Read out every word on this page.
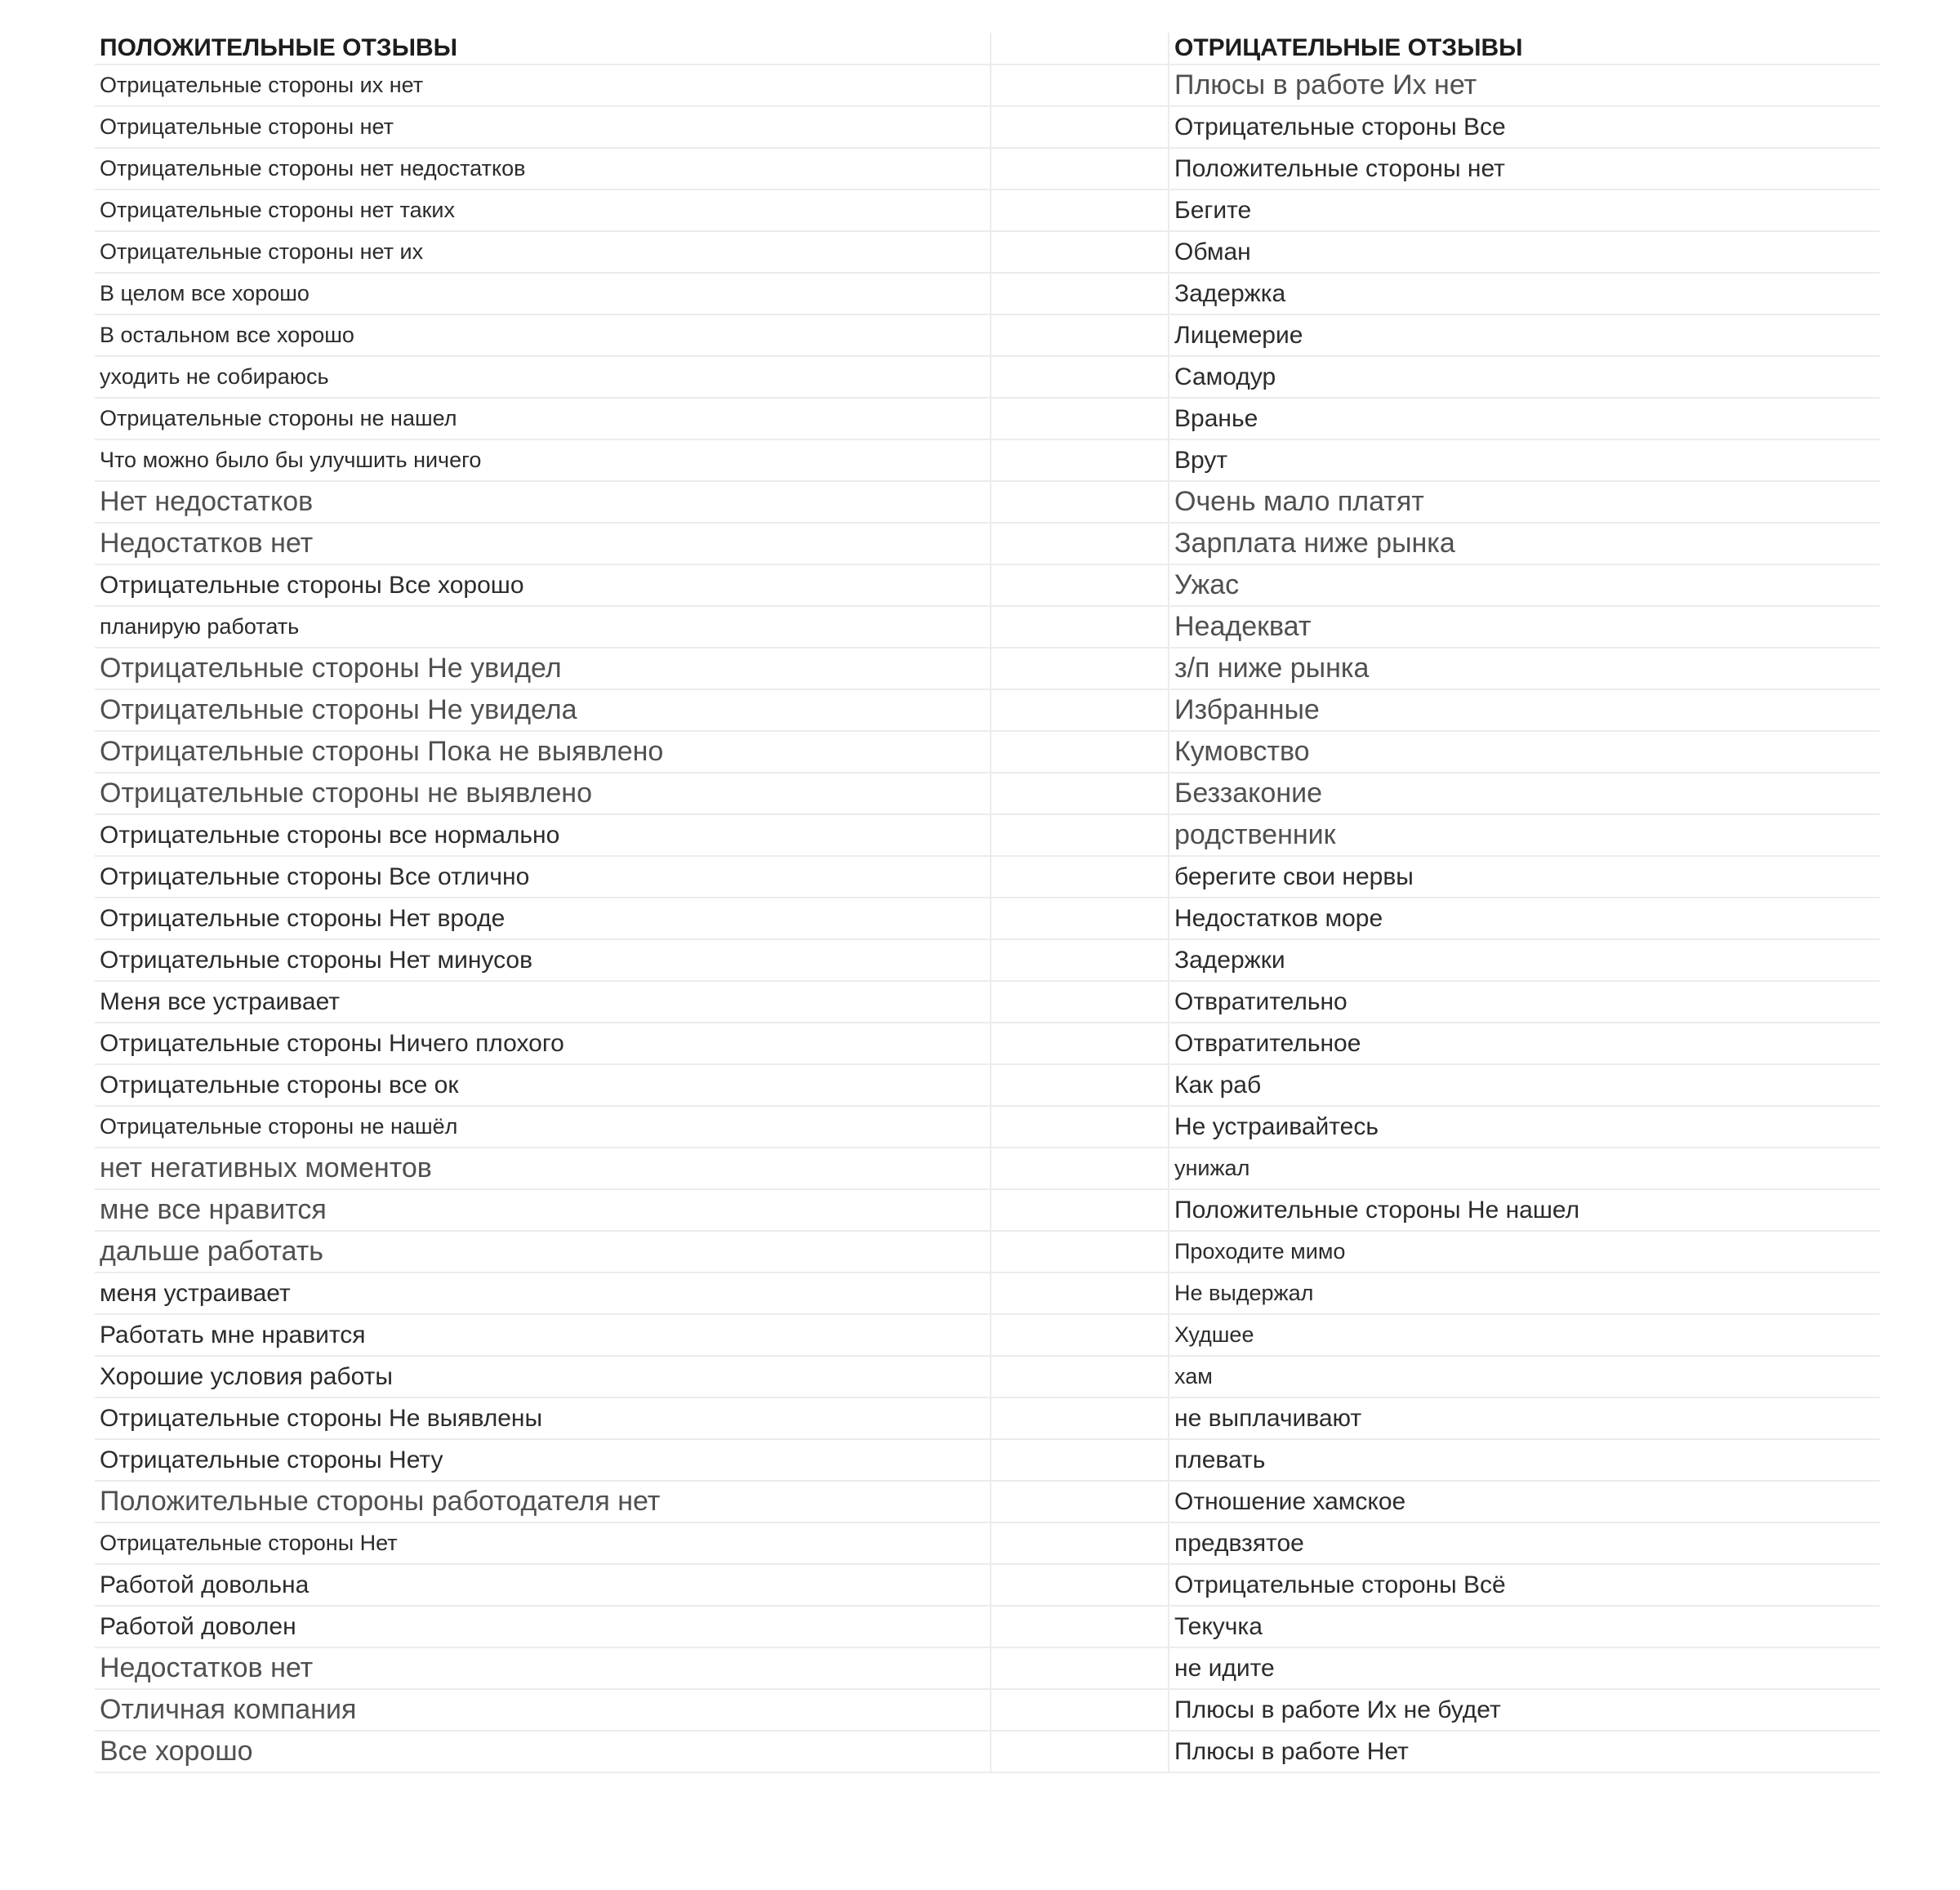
ПОЛОЖИТЕЛЬНЫЕ ОТЗЫВЫ		ОТРИЦАТЕЛЬНЫЕ ОТЗЫВЫ
Отрицательные стороны их нет		Плюсы в работе Их нет
Отрицательные стороны нет		Отрицательные стороны Все
Отрицательные стороны нет недостатков		Положительные стороны нет
Отрицательные стороны нет таких		Бегите
Отрицательные стороны нет их		Обман
В целом все хорошо		Задержка
В остальном все хорошо		Лицемерие
уходить не собираюсь		Самодур
Отрицательные стороны не нашел		Вранье
Что можно было бы улучшить ничего		Врут
Нет недостатков		Очень мало платят
Недостатков нет		Зарплата ниже рынка
Отрицательные стороны Все хорошо		Ужас
планирую работать		Неадекват
Отрицательные стороны Не увидел		з/п ниже рынка
Отрицательные стороны Не увидела		Избранные
Отрицательные стороны Пока не выявлено		Кумовство
Отрицательные стороны не выявлено		Беззаконие
Отрицательные стороны все нормально		родственник
Отрицательные стороны Все отлично		берегите свои нервы
Отрицательные стороны Нет вроде		Недостатков море
Отрицательные стороны Нет минусов		Задержки
Меня все устраивает		Отвратительно
Отрицательные стороны Ничего плохого		Отвратительное
Отрицательные стороны все ок		Как раб
Отрицательные стороны не нашёл		Не устраивайтесь
нет негативных моментов		унижал
мне все нравится		Положительные стороны Не нашел
дальше работать		Проходите мимо
меня устраивает		Не выдержал
Работать мне нравится		Худшее
Хорошие условия работы		хам
Отрицательные стороны Не выявлены		не выплачивают
Отрицательные стороны Нету		плевать
Положительные стороны работодателя нет		Отношение хамское
Отрицательные стороны Нет		предвзятое
Работой довольна		Отрицательные стороны Всё
Работой доволен		Текучка
Недостатков нет		не идите
Отличная компания		Плюсы в работе Их не будет
Все хорошо		Плюсы в работе Нет
